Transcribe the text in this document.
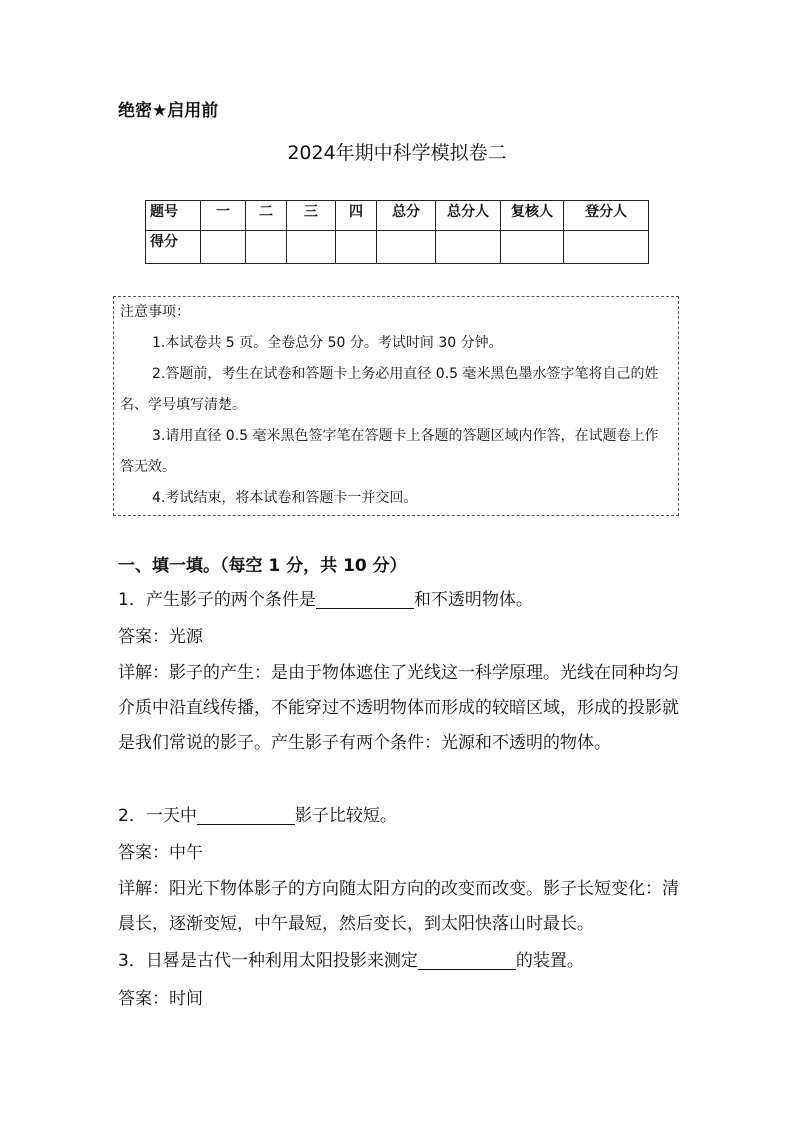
绝密★启用前
2024年期中科学模拟卷二
题号	一	二	三	四	总分	总分人	复核人	登分人
得分								
注意事项：
1.本试卷共 5 页。全卷总分 50 分。考试时间 30 分钟。
2.答题前，考生在试卷和答题卡上务必用直径 0.5 毫米黑色墨水签字笔将自己的姓名、学号填写清楚。
3.请用直径 0.5 毫米黑色签字笔在答题卡上各题的答题区域内作答，在试题卷上作答无效。
4.考试结束，将本试卷和答题卡一并交回。
一、填一填。（每空 1 分，共 10 分）
1．产生影子的两个条件是	和不透明物体。
答案：光源
详解：影子的产生：是由于物体遮住了光线这一科学原理。光线在同种均匀介质中沿直线传播，不能穿过不透明物体而形成的较暗区域，形成的投影就是我们常说的影子。产生影子有两个条件：光源和不透明的物体。
2．一天中	影子比较短。
答案：中午
详解：阳光下物体影子的方向随太阳方向的改变而改变。影子长短变化：清晨长，逐渐变短，中午最短，然后变长，到太阳快落山时最长。
3．日晷是古代一种利用太阳投影来测定	的装置。
答案：时间
